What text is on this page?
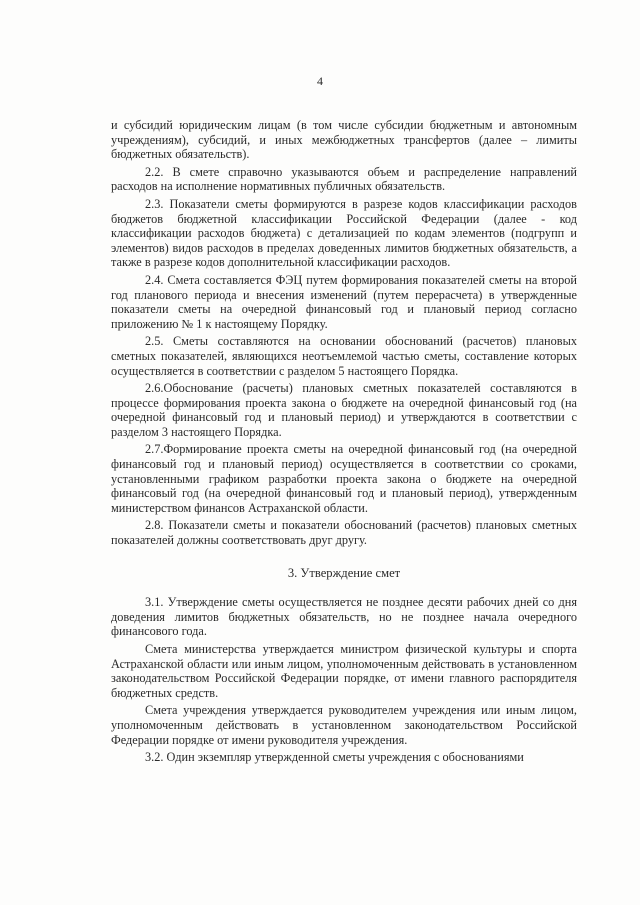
4

и субсидий юридическим лицам (в том числе субсидии бюджетным и автономным учреждениям), субсидий, и иных межбюджетных трансфертов (далее – лимиты бюджетных обязательств).

2.2. В смете справочно указываются объем и распределение направлений расходов на исполнение нормативных публичных обязательств.

2.3. Показатели сметы формируются в разрезе кодов классификации расходов бюджетов бюджетной классификации Российской Федерации (далее - код классификации расходов бюджета) с детализацией по кодам элементов (подгрупп и элементов) видов расходов в пределах доведенных лимитов бюджетных обязательств, а также в разрезе кодов дополнительной классификации расходов.

2.4. Смета составляется ФЭЦ путем формирования показателей сметы на второй год планового периода и внесения изменений (путем перерасчета) в утвержденные показатели сметы на очередной финансовый год и плановый период согласно приложению № 1 к настоящему Порядку.

2.5. Сметы составляются на основании обоснований (расчетов) плановых сметных показателей, являющихся неотъемлемой частью сметы, составление которых осуществляется в соответствии с разделом 5 настоящего Порядка.

2.6.Обоснование (расчеты) плановых сметных показателей составляются в процессе формирования проекта закона о бюджете на очередной финансовый год (на очередной финансовый год и плановый период) и утверждаются в соответствии с разделом 3 настоящего Порядка.

2.7.Формирование проекта сметы на очередной финансовый год (на очередной финансовый год и плановый период) осуществляется в соответствии со сроками, установленными графиком разработки проекта закона о бюджете на очередной финансовый год (на очередной финансовый год и плановый период), утвержденным министерством финансов Астраханской области.

2.8. Показатели сметы и показатели обоснований (расчетов) плановых сметных показателей должны соответствовать друг другу.

3. Утверждение смет

3.1. Утверждение сметы осуществляется не позднее десяти рабочих дней со дня доведения лимитов бюджетных обязательств, но не позднее начала очередного финансового года.

Смета министерства утверждается министром физической культуры и спорта Астраханской области или иным лицом, уполномоченным действовать в установленном законодательством Российской Федерации порядке, от имени главного распорядителя бюджетных средств.

Смета учреждения утверждается руководителем учреждения или иным лицом, уполномоченным действовать в установленном законодательством Российской Федерации порядке от имени руководителя учреждения.

3.2. Один экземпляр утвержденной сметы учреждения с обоснованиями
